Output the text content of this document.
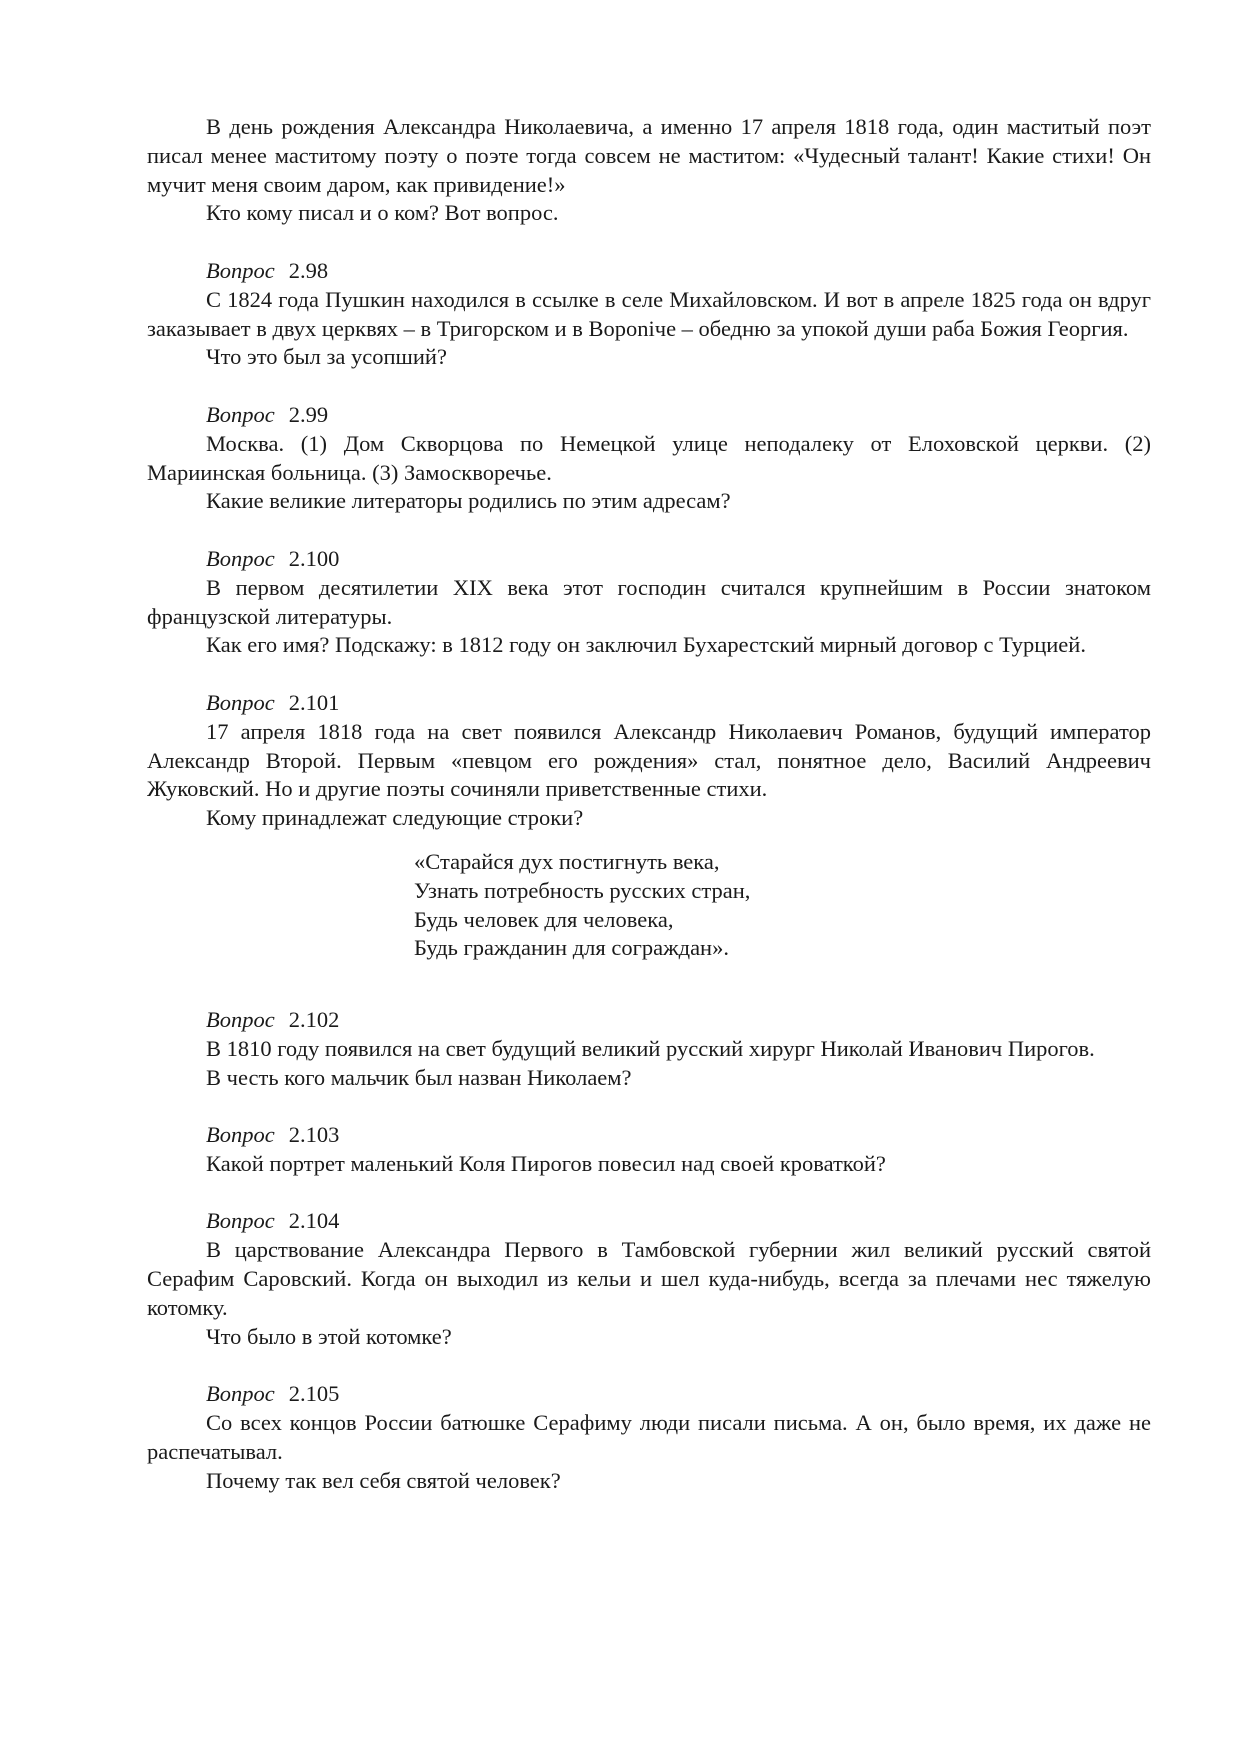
В день рождения Александра Николаевича, а именно 17 апреля 1818 года, один маститый поэт писал менее маститому поэту о поэте тогда совсем не маститом: «Чудесный талант! Какие стихи! Он мучит меня своим даром, как привидение!»

Кто кому писал и о ком? Вот вопрос.

Вопрос 2.98

С 1824 года Пушкин находился в ссылке в селе Михайловском. И вот в апреле 1825 года он вдруг заказывает в двух церквях – в Тригорском и в Вороniче – обедню за упокой души раба Божия Георгия.

Что это был за усопший?

Вопрос 2.99

Москва. (1) Дом Скворцова по Немецкой улице неподалеку от Елоховской церкви. (2) Мариинская больница. (3) Замоскворечье.

Какие великие литераторы родились по этим адресам?

Вопрос 2.100

В первом десятилетии XIX века этот господин считался крупнейшим в России знатоком французской литературы.

Как его имя? Подскажу: в 1812 году он заключил Бухарестский мирный договор с Турцией.

Вопрос 2.101

17 апреля 1818 года на свет появился Александр Николаевич Романов, будущий император Александр Второй. Первым «певцом его рождения» стал, понятное дело, Василий Андреевич Жуковский. Но и другие поэты сочиняли приветственные стихи.

Кому принадлежат следующие строки?

«Старайся дух постигнуть века,
Узнать потребность русских стран,
Будь человек для человека,
Будь гражданин для сограждан».

Вопрос 2.102

В 1810 году появился на свет будущий великий русский хирург Николай Иванович Пирогов.

В честь кого мальчик был назван Николаем?

Вопрос 2.103

Какой портрет маленький Коля Пирогов повесил над своей кроваткой?

Вопрос 2.104

В царствование Александра Первого в Тамбовской губернии жил великий русский святой Серафим Саровский. Когда он выходил из кельи и шел куда-нибудь, всегда за плечами нес тяжелую котомку.

Что было в этой котомке?

Вопрос 2.105

Со всех концов России батюшке Серафиму люди писали письма. А он, было время, их даже не распечатывал.

Почему так вел себя святой человек?
